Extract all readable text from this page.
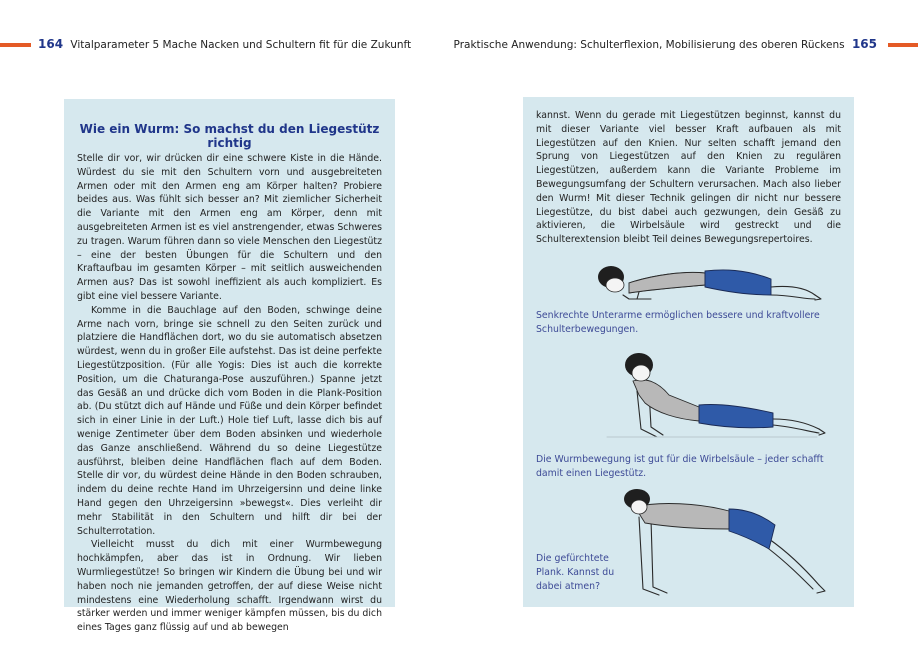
164 Vitalparameter 5 Mache Nacken und Schultern fit für die Zukunft	Praktische Anwendung: Schulterflexion, Mobilisierung des oberen Rückens 165
Wie ein Wurm: So machst du den Liegestütz richtig

Stelle dir vor, wir drücken dir eine schwere Kiste in die Hände. Würdest du sie mit den Schultern vorn und ausgebreiteten Armen oder mit den Armen eng am Körper halten? Probiere beides aus. Was fühlt sich besser an? Mit ziemlicher Sicherheit die Variante mit den Armen eng am Körper, denn mit ausgebreiteten Armen ist es viel anstrengender, etwas Schweres zu tragen. Warum führen dann so viele Menschen den Liegestütz – eine der besten Übungen für die Schultern und den Kraftaufbau im gesamten Körper – mit seitlich ausweichenden Armen aus? Das ist sowohl ineffizient als auch kompliziert. Es gibt eine viel bessere Variante.

Komme in die Bauchlage auf den Boden, schwinge deine Arme nach vorn, bringe sie schnell zu den Seiten zurück und platziere die Handflächen dort, wo du sie automatisch absetzen würdest, wenn du in großer Eile aufstehst. Das ist deine perfekte Liegestützposition. (Für alle Yogis: Dies ist auch die korrekte Position, um die Chaturanga-Pose auszuführen.) Spanne jetzt das Gesäß an und drücke dich vom Boden in die Plank-Position ab. (Du stützt dich auf Hände und Füße und dein Körper befindet sich in einer Linie in der Luft.) Hole tief Luft, lasse dich bis auf wenige Zentimeter über dem Boden absinken und wiederhole das Ganze anschließend. Während du so deine Liegestütze ausführst, bleiben deine Handflächen flach auf dem Boden. Stelle dir vor, du würdest deine Hände in den Boden schrauben, indem du deine rechte Hand im Uhrzeigersinn und deine linke Hand gegen den Uhrzeigersinn »bewegst«. Dies verleiht dir mehr Stabilität in den Schultern und hilft dir bei der Schulterrotation.

Vielleicht musst du dich mit einer Wurmbewegung hochkämpfen, aber das ist in Ordnung. Wir lieben Wurmliegestütze! So bringen wir Kindern die Übung bei und wir haben noch nie jemanden getroffen, der auf diese Weise nicht mindestens eine Wiederholung schafft. Irgendwann wirst du stärker werden und immer weniger kämpfen müssen, bis du dich eines Tages ganz flüssig auf und ab bewegen

kannst. Wenn du gerade mit Liegestützen beginnst, kannst du mit dieser Variante viel besser Kraft aufbauen als mit Liegestützen auf den Knien. Nur selten schafft jemand den Sprung von Liegestützen auf den Knien zu regulären Liegestützen, außerdem kann die Variante Probleme im Bewegungsumfang der Schultern verursachen. Mach also lieber den Wurm! Mit dieser Technik gelingen dir nicht nur bessere Liegestütze, du bist dabei auch gezwungen, dein Gesäß zu aktivieren, die Wirbelsäule wird gestreckt und die Schulterextension bleibt Teil deines Bewegungsrepertoires.

Senkrechte Unterarme ermöglichen bessere und kraftvollere Schulterbewegungen.
Die Wurmbewegung ist gut für die Wirbelsäule – jeder schafft damit einen Liegestütz.
Die gefürchtete Plank. Kannst du dabei atmen?
